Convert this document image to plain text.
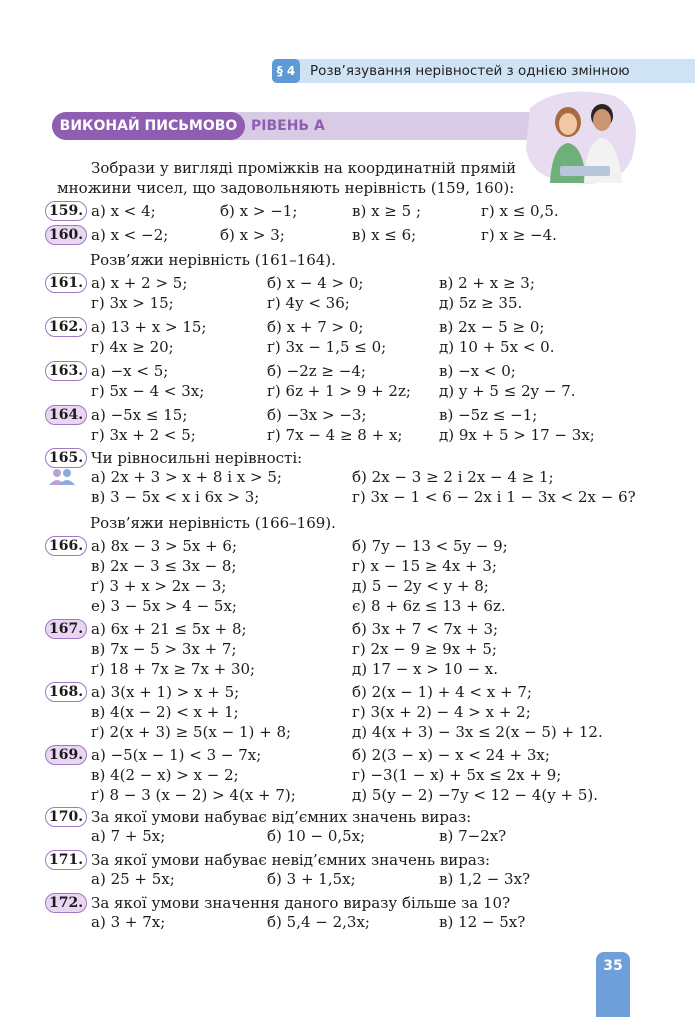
§ 4	Розв’язування нерівностей з однією змінною
ВИКОНАЙ ПИСЬМОВО РІВЕНЬ А

Зобрази у вигляді проміжків на координатній прямій множини чисел, що задовольняють нерівність (159, 160):

159. а) x < 4;	б) x > −1;	в) x ≥ 5 ;	г) x ≤ 0,5.
160. а) x < −2;	б) x > 3;	в) x ≤ 6;	г) x ≥ −4.
Розв’яжи нерівність (161–164).
161. а) x + 2 > 5;	б) x − 4 > 0;	в) 2 + x ≥ 3;
г) 3x > 15;	ґ) 4y < 36;	д) 5z ≥ 35.
162. а) 13 + x > 15;	б) x + 7 > 0;	в) 2x − 5 ≥ 0;
г) 4x ≥ 20;	ґ) 3x − 1,5 ≤ 0;	д) 10 + 5x < 0.
163. а) −x < 5;	б) −2z ≥ −4;	в) −x < 0;
г) 5x − 4 < 3x;	ґ) 6z + 1 > 9 + 2z; д) y + 5 ≤ 2y − 7.
164. а) −5x ≤ 15;	б) −3x > −3;	в) −5z ≤ −1;
г) 3x + 2 < 5;	ґ) 7x − 4 ≥ 8 + x; д) 9x + 5 > 17 − 3x;
165. Чи рівносильні нерівності:
а) 2x + 3 > x + 8 і x > 5;	б) 2x − 3 ≥ 2 і 2x − 4 ≥ 1;
в) 3 − 5x < x і 6x > 3;	г) 3x − 1 < 6 − 2x і 1 − 3x < 2x − 6?
Розв’яжи нерівність (166–169).
166. а) 8x − 3 > 5x + 6;	б) 7y − 13 < 5y − 9;
в) 2x − 3 ≤ 3x − 8;	г) x − 15 ≥ 4x + 3;
ґ) 3 + x > 2x − 3;	д) 5 − 2y < y + 8;
е) 3 − 5x > 4 − 5x;	є) 8 + 6z ≤ 13 + 6z.
167. а) 6x + 21 ≤ 5x + 8;	б) 3x + 7 < 7x + 3;
в) 7x − 5 > 3x + 7;	г) 2x − 9 ≥ 9x + 5;
ґ) 18 + 7x ≥ 7x + 30;	д) 17 − x > 10 − x.
168. а) 3(x + 1) > x + 5;	б) 2(x − 1) + 4 < x + 7;
в) 4(x − 2) < x + 1;	г) 3(x + 2) − 4 > x + 2;
ґ) 2(x + 3) ≥ 5(x − 1) + 8;	д) 4(x + 3) − 3x ≤ 2(x − 5) + 12.
169. а) −5(x − 1) < 3 − 7x;	б) 2(3 − x) − x < 24 + 3x;
в) 4(2 − x) > x − 2;	г) −3(1 − x) + 5x ≤ 2x + 9;
ґ) 8 − 3 (x − 2) > 4(x + 7);	д) 5(y − 2) −7y < 12 − 4(y + 5).
170. За якої умови набуває від’ємних значень вираз:
а) 7 + 5x;	б) 10 − 0,5x;	в) 7−2x?
171. За якої умови набуває невід’ємних значень вираз:
а) 25 + 5x;	б) 3 + 1,5x;	в) 1,2 − 3x?
172. За якої умови значення даного виразу більше за 10?
а) 3 + 7x;	б) 5,4 − 2,3x;	в) 12 − 5x?
35
